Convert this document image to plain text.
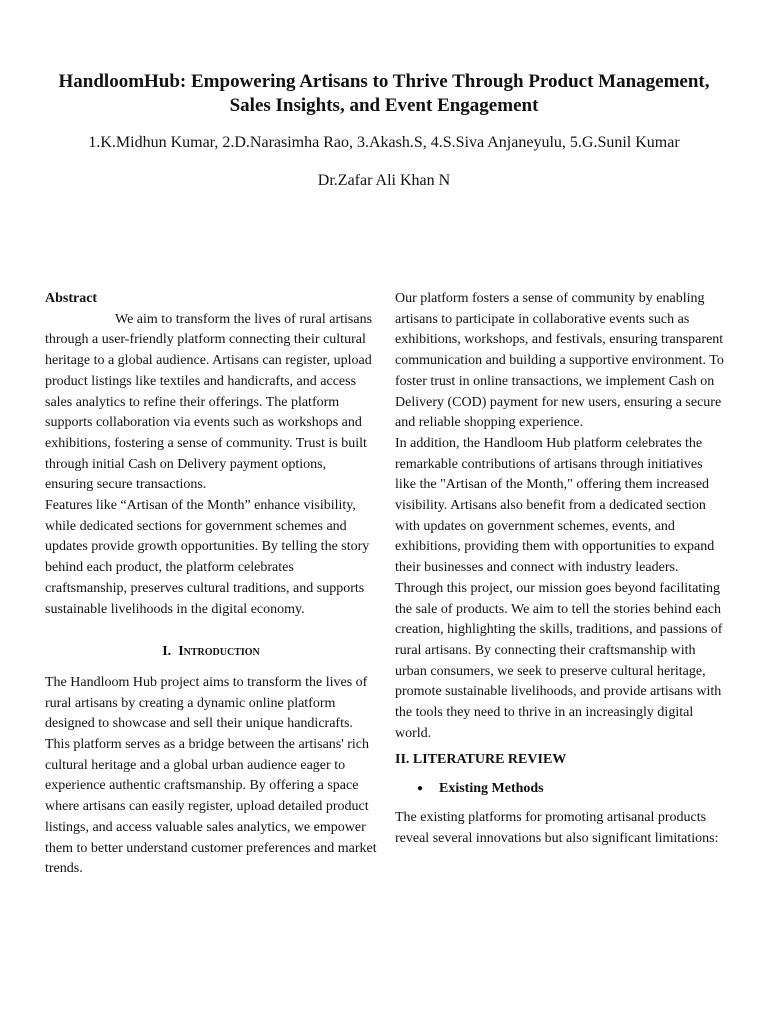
HandloomHub: Empowering Artisans to Thrive Through Product Management, Sales Insights, and Event Engagement
1.K.Midhun Kumar, 2.D.Narasimha Rao, 3.Akash.S, 4.S.Siva Anjaneyulu, 5.G.Sunil Kumar
Dr.Zafar Ali Khan N

Abstract

We aim to transform the lives of rural artisans through a user-friendly platform connecting their cultural heritage to a global audience. Artisans can register, upload product listings like textiles and handicrafts, and access sales analytics to refine their offerings. The platform supports collaboration via events such as workshops and exhibitions, fostering a sense of community. Trust is built through initial Cash on Delivery payment options, ensuring secure transactions.

Features like “Artisan of the Month” enhance visibility, while dedicated sections for government schemes and updates provide growth opportunities. By telling the story behind each product, the platform celebrates craftsmanship, preserves cultural traditions, and supports sustainable livelihoods in the digital economy.

I. Introduction

The Handloom Hub project aims to transform the lives of rural artisans by creating a dynamic online platform designed to showcase and sell their unique handicrafts. This platform serves as a bridge between the artisans' rich cultural heritage and a global urban audience eager to experience authentic craftsmanship. By offering a space where artisans can easily register, upload detailed product listings, and access valuable sales analytics, we empower them to better understand customer preferences and market trends.

Our platform fosters a sense of community by enabling artisans to participate in collaborative events such as exhibitions, workshops, and festivals, ensuring transparent communication and building a supportive environment. To foster trust in online transactions, we implement Cash on Delivery (COD) payment for new users, ensuring a secure and reliable shopping experience.

In addition, the Handloom Hub platform celebrates the remarkable contributions of artisans through initiatives like the "Artisan of the Month," offering them increased visibility. Artisans also benefit from a dedicated section with updates on government schemes, events, and exhibitions, providing them with opportunities to expand their businesses and connect with industry leaders.

Through this project, our mission goes beyond facilitating the sale of products. We aim to tell the stories behind each creation, highlighting the skills, traditions, and passions of rural artisans. By connecting their craftsmanship with urban consumers, we seek to preserve cultural heritage, promote sustainable livelihoods, and provide artisans with the tools they need to thrive in an increasingly digital world.

II. LITERATURE REVIEW

● Existing Methods

The existing platforms for promoting artisanal products reveal several innovations but also significant limitations:
